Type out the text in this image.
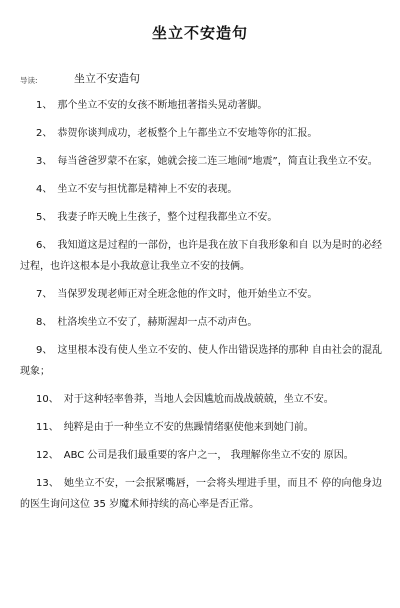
坐立不安造句
导读:	坐立不安造句
1、 那个坐立不安的女孩不断地扭著指头晃动著脚。
2、 恭贺你谈判成功，老板整个上午都坐立不安地等你的汇报。
3、 每当爸爸罗蒙不在家，她就会接二连三地闹“地震”，简直让我坐立不安。
4、 坐立不安与担忧都是精神上不安的表现。
5、 我妻子昨天晚上生孩子，整个过程我都坐立不安。
6、 我知道这是过程的一部份，也许是我在放下自我形象和自 以为是时的必经过程，也许这根本是小我故意让我坐立不安的技俩。
7、 当保罗发现老师正对全班念他的作文时，他开始坐立不安。
8、 杜洛埃坐立不安了，赫斯渥却一点不动声色。
9、 这里根本没有使人坐立不安的、使人作出错误选择的那种 自由社会的混乱现象；
10、 对于这种轻率鲁莽，当地人会因尴尬而战战兢兢，坐立不安。
11、 纯粹是由于一种坐立不安的焦躁情绪驱使他来到她门前。
12、 ABC 公司是我们最重要的客户之一， 我理解你坐立不安的 原因。
13、 她坐立不安，一会抿紧嘴唇，一会将头埋进手里，而且不 停的向他身边的医生询问这位 35 岁魔术师持续的高心率是否正常。
